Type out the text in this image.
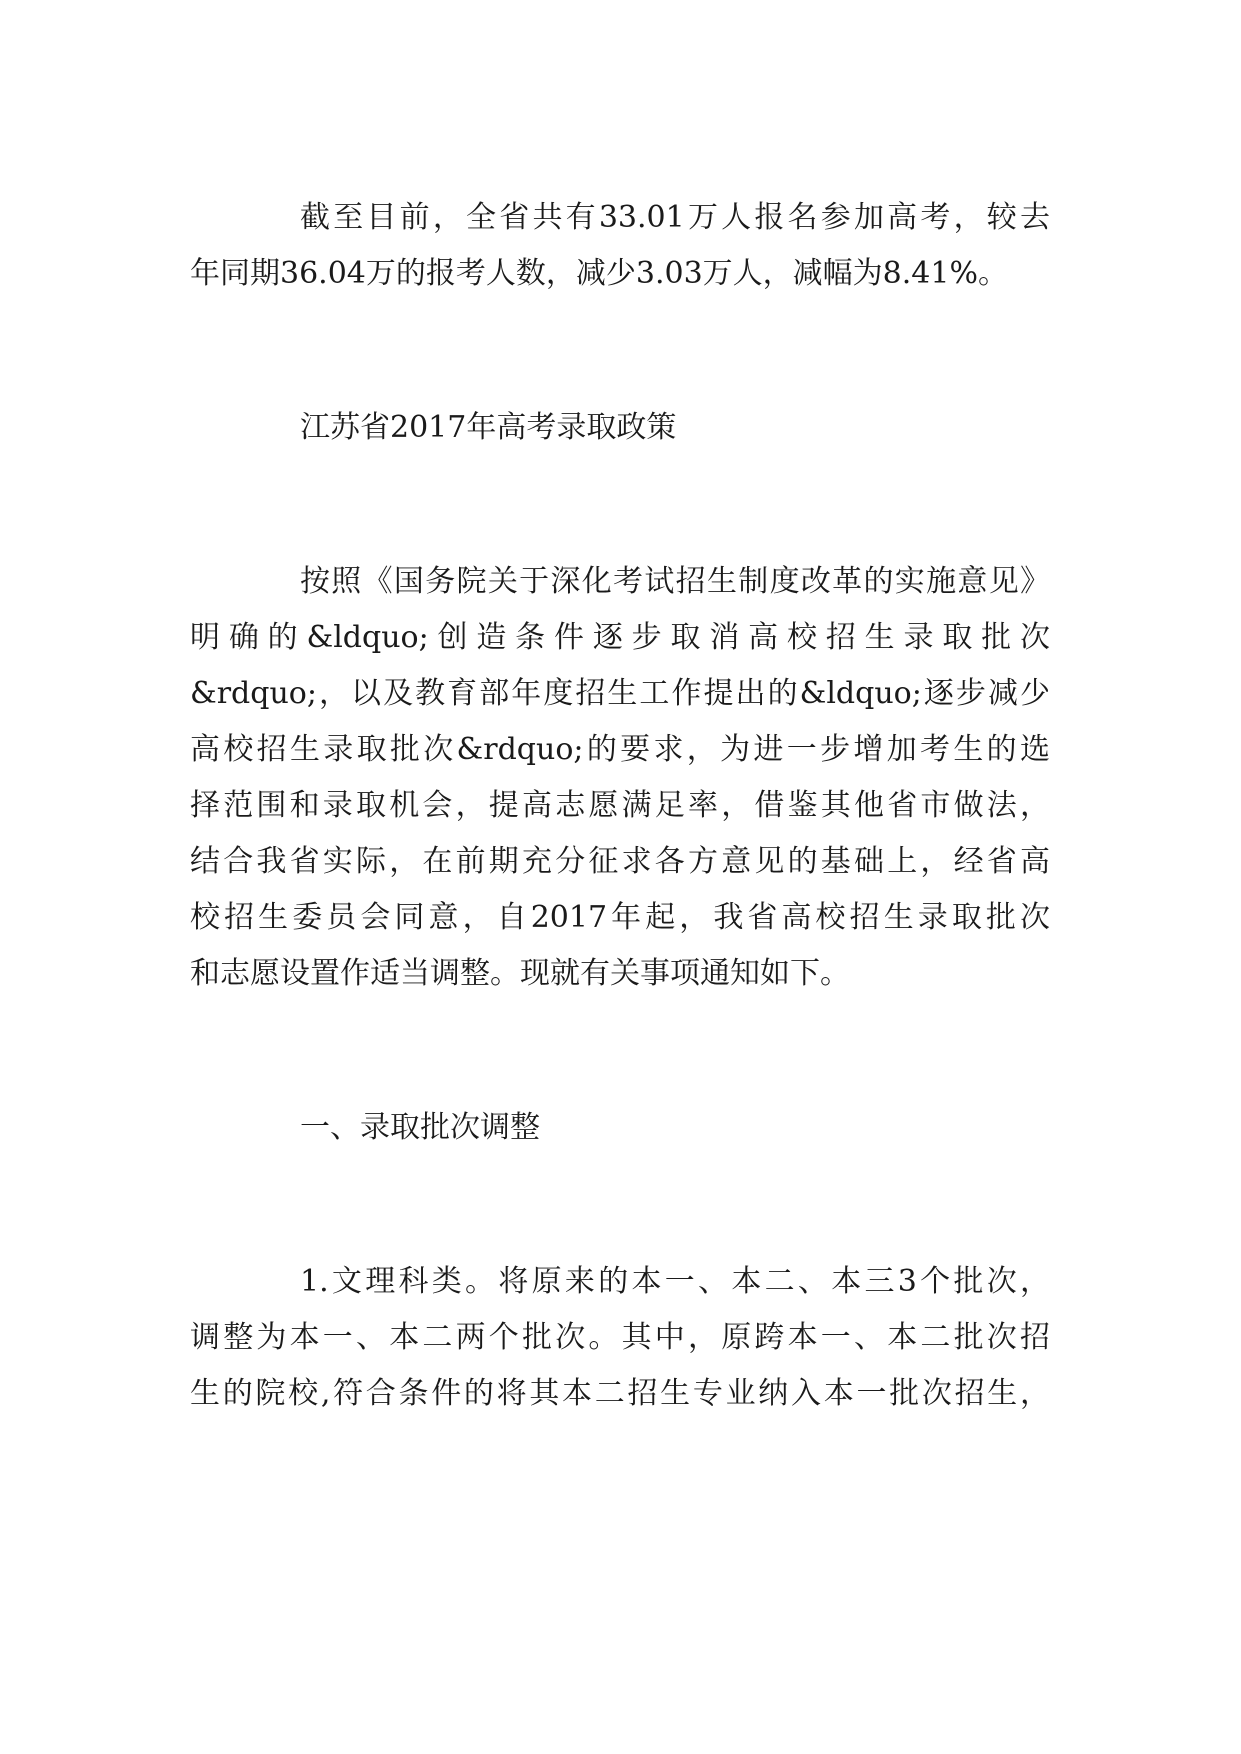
截至目前，全省共有33.01万人报名参加高考，较去
年同期36.04万的报考人数，减少3.03万人，减幅为8.41%。
江苏省2017年高考录取政策
按照《国务院关于深化考试招生制度改革的实施意见》
明确的&ldquo;创造条件逐步取消高校招生录取批次
&rdquo;，以及教育部年度招生工作提出的&ldquo;逐步减少
高校招生录取批次&rdquo;的要求，为进一步增加考生的选
择范围和录取机会，提高志愿满足率，借鉴其他省市做法，
结合我省实际，在前期充分征求各方意见的基础上，经省高
校招生委员会同意，自2017年起，我省高校招生录取批次
和志愿设置作适当调整。现就有关事项通知如下。
一、录取批次调整
1.文理科类。将原来的本一、本二、本三3个批次，
调整为本一、本二两个批次。其中，原跨本一、本二批次招
生的院校,符合条件的将其本二招生专业纳入本一批次招生，
